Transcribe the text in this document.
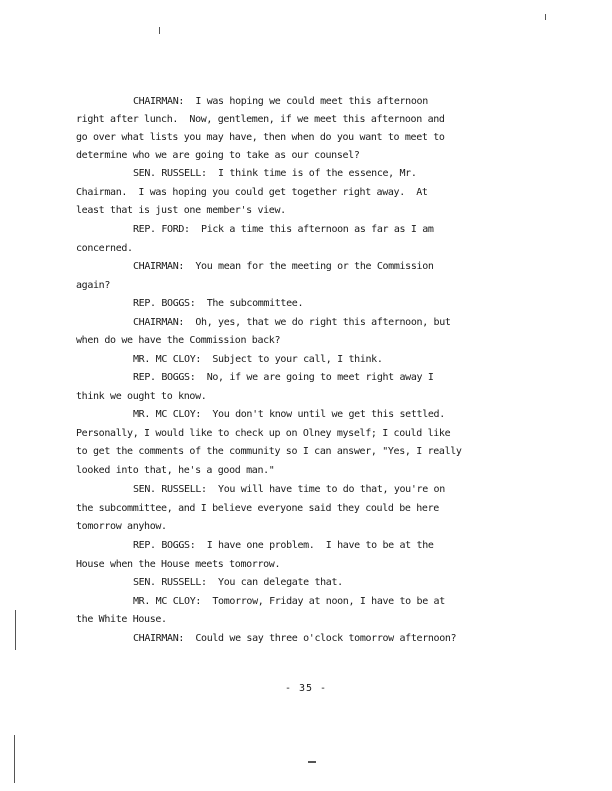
CHAIRMAN:  I was hoping we could meet this afternoon
right after lunch.  Now, gentlemen, if we meet this afternoon and
go over what lists you may have, then when do you want to meet to
determine who we are going to take as our counsel?
SEN. RUSSELL:  I think time is of the essence, Mr.
Chairman.  I was hoping you could get together right away.  At
least that is just one member's view.
REP. FORD:  Pick a time this afternoon as far as I am
concerned.
CHAIRMAN:  You mean for the meeting or the Commission
again?
REP. BOGGS:  The subcommittee.
CHAIRMAN:  Oh, yes, that we do right this afternoon, but
when do we have the Commission back?
MR. MC CLOY:  Subject to your call, I think.
REP. BOGGS:  No, if we are going to meet right away I
think we ought to know.
MR. MC CLOY:  You don't know until we get this settled.
Personally, I would like to check up on Olney myself; I could like
to get the comments of the community so I can answer, "Yes, I really
looked into that, he's a good man."
SEN. RUSSELL:  You will have time to do that, you're on
the subcommittee, and I believe everyone said they could be here
tomorrow anyhow.
REP. BOGGS:  I have one problem.  I have to be at the
House when the House meets tomorrow.
SEN. RUSSELL:  You can delegate that.
MR. MC CLOY:  Tomorrow, Friday at noon, I have to be at
the White House.
CHAIRMAN:  Could we say three o'clock tomorrow afternoon?
- 35 -
